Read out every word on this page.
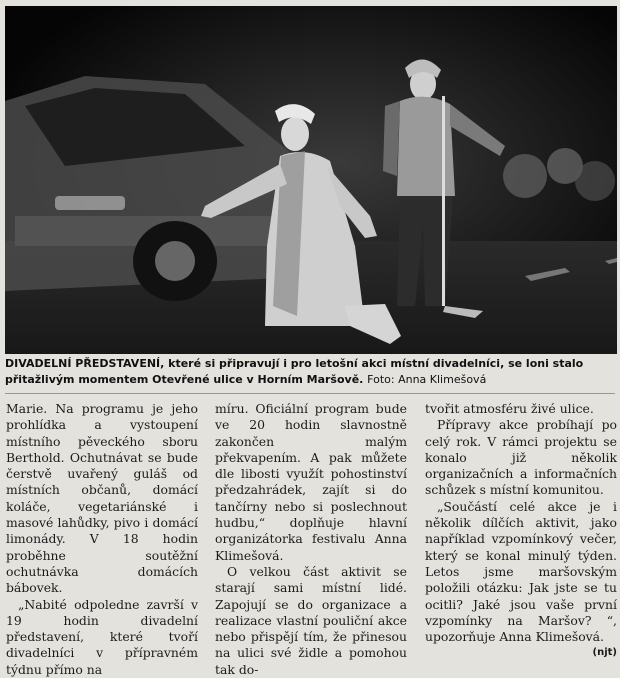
DIVADELNÍ PŘEDSTAVENÍ, které si připravují i pro letošní akci místní divadelníci, se loni stalo přitažlivým momentem Otevřené ulice v Horním Maršově. Foto: Anna Klimešová

Marie. Na programu je jeho prohlídka a vystoupení místního pěveckého sboru Berthold. Ochutnávat se bude čerstvě uvařený guláš od místních občanů, domácí koláče, vegetariánské i masové lahůdky, pivo i domácí limonády. V 18 hodin proběhne soutěžní ochutnávka domácích bábovek.

„Nabité odpoledne završí v 19 hodin divadelní představení, které tvoří divadelníci v přípravném týdnu přímo na

míru. Oficiální program bude ve 20 hodin slavnostně zakončen malým překvapením. A pak můžete dle libosti využít pohostinství předzahrádek, zajít si do tančírny nebo si poslechnout hudbu,“ doplňuje hlavní organizátorka festivalu Anna Klimešová.

O velkou část aktivit se starají sami místní lidé. Zapojují se do organizace a realizace vlastní pouliční akce nebo přispějí tím, že přinesou na ulici své židle a pomohou tak do-

tvořit atmosféru živé ulice.

Přípravy akce probíhají po celý rok. V rámci projektu se konalo již několik organizačních a informačních schůzek s místní komunitou.

„Součástí celé akce je i několik dílčích aktivit, jako například vzpomínkový večer, který se konal minulý týden. Letos jsme maršovským položili otázku: Jak jste se tu ocitli? Jaké jsou vaše první vzpomínky na Maršov? “, upozorňuje Anna Klimešová.
(njt)
